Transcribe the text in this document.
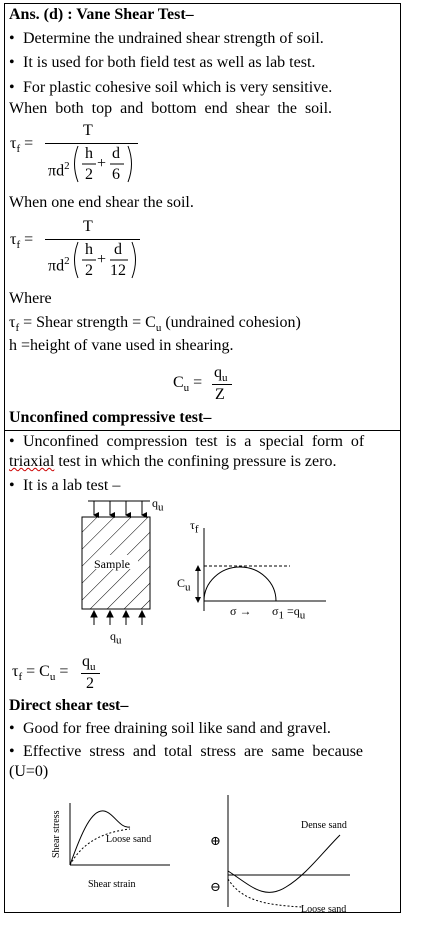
Ans. (d) : Vane Shear Test–
• Determine the undrained shear strength of soil.
• It is used for both field test as well as lab test.
• For plastic cohesive soil which is very sensitive.
When  both  top  and  bottom  end  shear  the  soil.
$\tau_f$ =
T
$\pi d^2$
h
2
+
d
6
When one end shear the soil.
$\tau_f$ =
T
$\pi d^2$
h
2
+
d
12
Where
$\tau_f$ = Shear strength = $C_u$ (undrained cohesion)
h =height of vane used in shearing.
$C_u$ =
$q_u$
Z
Unconfined compressive test–
• Unconfined  compression  test  is  a  special  form  of
triaxial test in which the confining pressure is zero.
• It is a lab test –
Sample
$q_u$
$q_u$
$\tau_f$
$C_u$
$\sigma \to \sigma_1 =q_u$
$\tau_f = C_u$ =
$q_u$
2
Direct shear test–
• Good for free draining soil like sand and gravel.
• Effective  stress  and  total  stress  are  same  because
(U=0)
Shear stress
Shear strain
Loose sand
Dense sand
Loose sand
⊕
⊖
